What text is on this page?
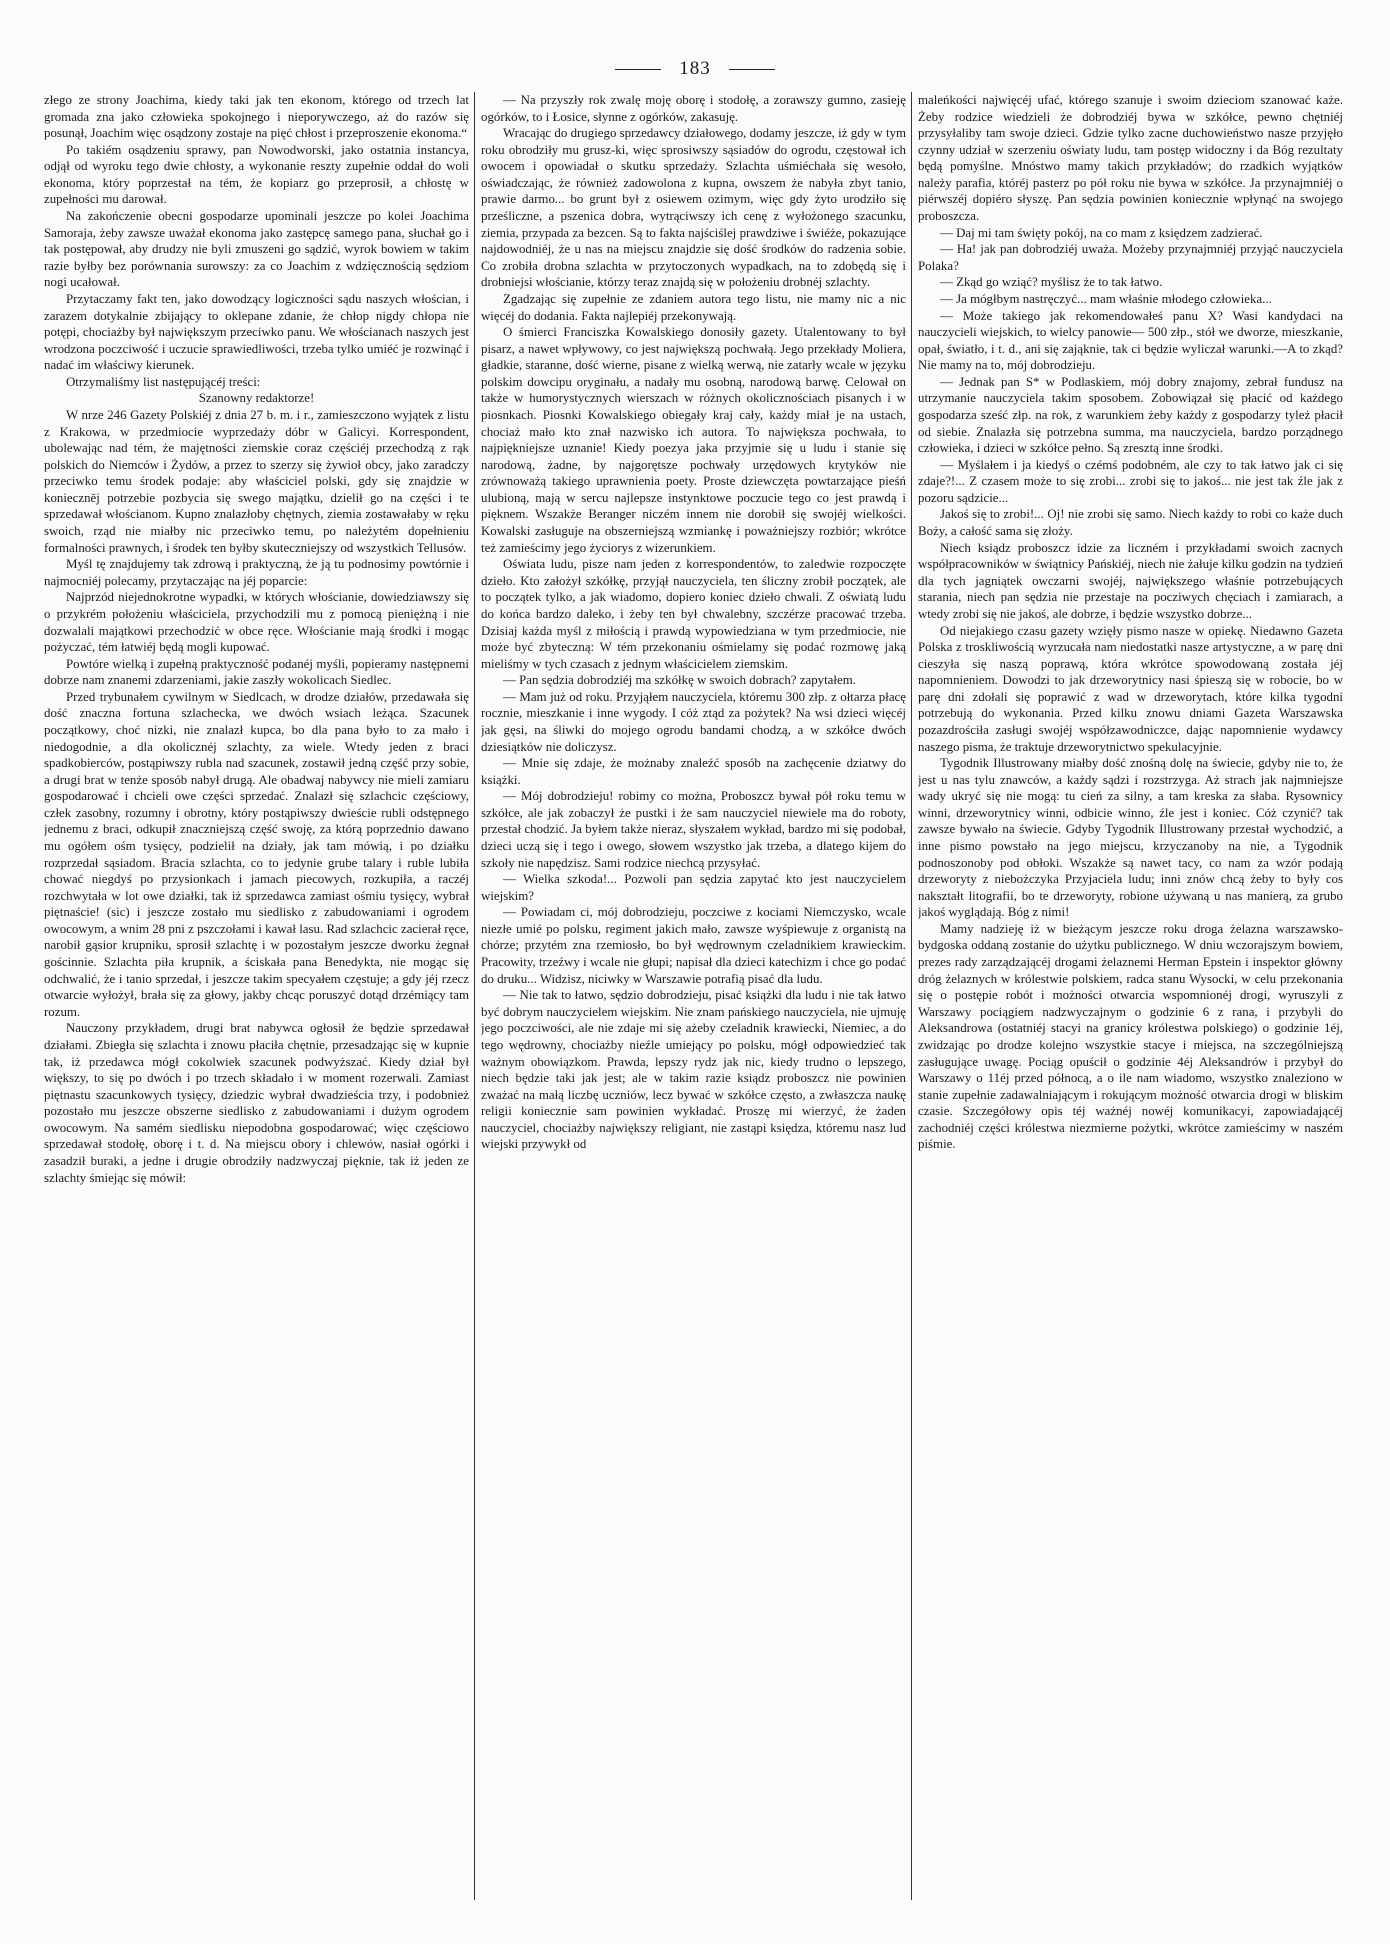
183

złego ze strony Joachima, kiedy taki jak ten ekonom, którego od trzech lat gromada zna jako człowieka spokojnego i nieporywczego, aż do razów się posunął, Joachim więc osądzony zostaje na pięć chłost i przeproszenie ekonoma.“

Po takiém osądzeniu sprawy, pan Nowodworski, jako ostatnia instancya, odjął od wyroku tego dwie chłosty, a wykonanie reszty zupełnie oddał do woli ekonoma, który poprzestał na tém, że kopiarz go przeprosił, a chłostę w zupełności mu darował.

Na zakończenie obecni gospodarze upominali jeszcze po kolei Joachima Samoraja, żeby zawsze uważał ekonoma jako zastępcę samego pana, słuchał go i tak postępował, aby drudzy nie byli zmuszeni go sądzić, wyrok bowiem w takim razie byłby bez porównania surowszy: za co Joachim z wdzięcznością sędziom nogi ucałował.

Przytaczamy fakt ten, jako dowodzący logiczności sądu naszych włościan, i zarazem dotykalnie zbijający to oklepane zdanie, że chłop nigdy chłopa nie potępi, chociażby był największym przeciwko panu. We włościanach naszych jest wrodzona poczciwość i uczucie sprawiedliwości, trzeba tylko umiéć je rozwinąć i nadać im właściwy kierunek.

Otrzymaliśmy list następującéj treści:

Szanowny redaktorze!

W nrze 246 Gazety Polskiéj z dnia 27 b. m. i r., zamieszczono wyjątek z listu z Krakowa, w przedmiocie wyprzedaży dóbr w Galicyi. Korrespondent, ubolewając nad tém, że majętności ziemskie coraz częściéj przechodzą z rąk polskich do Niemców i Żydów, a przez to szerzy się żywioł obcy, jako zaradczy przeciwko temu środek podaje: aby właściciel polski, gdy się znajdzie w konieczněj potrzebie pozbycia się swego majątku, dzielił go na części i te sprzedawał włościanom. Kupno znalazłoby chętnych, ziemia zostawałaby w ręku swoich, rząd nie miałby nic przeciwko temu, po należytém dopełnieniu formalności prawnych, i środek ten byłby skuteczniejszy od wszystkich Tellusów.

Myśl tę znajdujemy tak zdrową i praktyczną, że ją tu podnosimy powtórnie i najmocniéj polecamy, przytaczając na jéj poparcie:

Najprzód niejednokrotne wypadki, w których włościanie, dowiedziawszy się o przykrém położeniu właściciela, przychodzili mu z pomocą pieniężną i nie dozwalali majątkowi przechodzić w obce ręce. Włościanie mają środki i mogąc pożyczać, tém łatwiéj będą mogli kupować.

Powtóre wielką i zupełną praktyczność podanéj myśli, popieramy następnemi dobrze nam znanemi zdarzeniami, jakie zaszły wokolicach Siedlec.

Przed trybunałem cywilnym w Siedlcach, w drodze działów, przedawała się dość znaczna fortuna szlachecka, we dwóch wsiach leżąca. Szacunek początkowy, choć nizki, nie znalazł kupca, bo dla pana było to za mało i niedogodnie, a dla okolicznéj szlachty, za wiele. Wtedy jeden z braci spadkobierców, postąpiwszy rubla nad szacunek, zostawił jedną część przy sobie, a drugi brat w tenże sposób nabył drugą. Ale obadwaj nabywcy nie mieli zamiaru gospodarować i chcieli owe części sprzedać. Znalazł się szlachcic częściowy, człek zasobny, rozumny i obrotny, który postąpiwszy dwieście rubli odstępnego jednemu z braci, odkupił znaczniejszą część swoję, za którą poprzednio dawano mu ogółem ośm tysięcy, podzielił na działy, jak tam mówią, i po działku rozprzedał sąsiadom. Bracia szlachta, co to jedynie grube talary i ruble lubiła chować niegdyś po przysionkach i jamach piecowych, rozkupiła, a raczéj rozchwytała w lot owe działki, tak iż sprzedawca zamiast ośmiu tysięcy, wybrał piętnaście! (sic) i jeszcze zostało mu siedlisko z zabudowaniami i ogrodem owocowym, a wnim 28 pni z pszczołami i kawał lasu. Rad szlachcic zacierał ręce, narobił gąsior krupniku, sprosił szlachtę i w pozostałym jeszcze dworku żegnał gościnnie. Szlachta piła krupnik, a ściskała pana Benedykta, nie mogąc się odchwalić, że i tanio sprzedał, i jeszcze takim specyałem częstuje; a gdy jéj rzecz otwarcie wyłożył, brała się za głowy, jakby chcąc poruszyć dotąd drzémiący tam rozum.

Nauczony przykładem, drugi brat nabywca ogłosił że będzie sprzedawał działami. Zbiegła się szlachta i znowu płaciła chętnie, przesadzając się w kupnie tak, iż przedawca mógł cokolwiek szacunek podwyższać. Kiedy dział był większy, to się po dwóch i po trzech składało i w moment rozerwali. Zamiast piętnastu szacunkowych tysięcy, dziedzic wybrał dwadzieścia trzy, i podobnież pozostało mu jeszcze obszerne siedlisko z zabudowaniami i dużym ogrodem owocowym. Na samém siedlisku niepodobna gospodarować; więc częściowo sprzedawał stodołę, oborę i t. d. Na miejscu obory i chlewów, nasiał ogórki i zasadził buraki, a jedne i drugie obrodziły nadzwyczaj pięknie, tak iż jeden ze szlachty śmiejąc się mówił:

— Na przyszły rok zwalę moję oborę i stodołę, a zorawszy gumno, zasieję ogórków, to i Łosice, słynne z ogórków, zakasuję.

Wracając do drugiego sprzedawcy działowego, dodamy jeszcze, iż gdy w tym roku obrodziły mu grusz-ki, więc sprosiwszy sąsiadów do ogrodu, częstował ich owocem i opowiadał o skutku sprzedaży. Szlachta uśmiéchała się wesoło, oświadczając, że również zadowolona z kupna, owszem że nabyła zbyt tanio, prawie darmo... bo grunt był z osiewem ozimym, więc gdy żyto urodziło się prześliczne, a pszenica dobra, wytrąciwszy ich cenę z wyłożonego szacunku, ziemia, przypada za bezcen. Są to fakta najściślej prawdziwe i świéże, pokazujące najdowodniéj, że u nas na miejscu znajdzie się dość środków do radzenia sobie. Co zrobiła drobna szlachta w przytoczonych wypadkach, na to zdobędą się i drobniejsi włościanie, którzy teraz znajdą się w położeniu drobnéj szlachty.

Zgadzając się zupełnie ze zdaniem autora tego listu, nie mamy nic a nic więcéj do dodania. Fakta najlepiéj przekonywają.

O śmierci Franciszka Kowalskiego donosiły gazety. Utalentowany to był pisarz, a nawet wpływowy, co jest największą pochwałą. Jego przekłady Moliera, gładkie, staranne, dość wierne, pisane z wielką werwą, nie zatarły wcale w języku polskim dowcipu oryginału, a nadały mu osobną, narodową barwę. Celował on także w humorystycznych wierszach w różnych okolicznościach pisanych i w piosnkach. Piosnki Kowalskiego obiegały kraj cały, każdy miał je na ustach, chociaż mało kto znał nazwisko ich autora. To największa pochwała, to najpiękniejsze uznanie! Kiedy poezya jaka przyjmie się u ludu i stanie się narodową, żadne, by najgorętsze pochwały urzędowych krytyków nie zrównoważą takiego uprawnienia poety. Proste dziewczęta powtarzające pieśń ulubioną, mają w sercu najlepsze instynktowe poczucie tego co jest prawdą i pięknem. Wszakże Beranger niczém innem nie dorobił się swojéj wielkości. Kowalski zasługuje na obszerniejszą wzmiankę i poważniejszy rozbiór; wkrótce też zamieścimy jego życiorys z wizerunkiem.

Oświata ludu, pisze nam jeden z korrespondentów, to zaledwie rozpoczęte dzieło. Kto założył szkółkę, przyjął nauczyciela, ten śliczny zrobił początek, ale to początek tylko, a jak wiadomo, dopiero koniec dzieło chwali. Z oświatą ludu do końca bardzo daleko, i żeby ten był chwalebny, szczérze pracować trzeba. Dzisiaj każda myśl z miłością i prawdą wypowiedziana w tym przedmiocie, nie może być zbyteczną: W tém przekonaniu ośmielamy się podać rozmowę jaką mieliśmy w tych czasach z jednym właścicielem ziemskim.

— Pan sędzia dobrodziéj ma szkółkę w swoich dobrach? zapytałem.

— Mam już od roku. Przyjąłem nauczyciela, któremu 300 złp. z ołtarza płacę rocznie, mieszkanie i inne wygody. I cóż ztąd za pożytek? Na wsi dzieci więcéj jak gęsi, na śliwki do mojego ogrodu bandami chodzą, a w szkółce dwóch dziesiątków nie doliczysz.

— Mnie się zdaje, że możnaby znaleźć sposób na zachęcenie dziatwy do książki.

— Mój dobrodzieju! robimy co można, Proboszcz bywał pół roku temu w szkółce, ale jak zobaczył że pustki i że sam nauczyciel niewiele ma do roboty, przestał chodzić. Ja byłem także nieraz, słyszałem wykład, bardzo mi się podobał, dzieci uczą się i tego i owego, słowem wszystko jak trzeba, a dlatego kijem do szkoły nie napędzisz. Sami rodzice niechcą przysyłać.

— Wielka szkoda!... Pozwoli pan sędzia zapytać kto jest nauczycielem wiejskim?

— Powiadam ci, mój dobrodzieju, poczciwe z kociami Niemczysko, wcale niezłe umié po polsku, regiment jakich mało, zawsze wyśpiewuje z organistą na chórze; przytém zna rzemiosło, bo był wędrownym czeladnikiem krawieckim. Pracowity, trzeźwy i wcale nie głupi; napisał dla dzieci katechizm i chce go podać do druku... Widzisz, niciwky w Warszawie potrafią pisać dla ludu.

— Nie tak to łatwo, sędzio dobrodzieju, pisać książki dla ludu i nie tak łatwo być dobrym nauczycielem wiejskim. Nie znam pańskiego nauczyciela, nie ujmuję jego poczciwości, ale nie zdaje mi się ażeby czeladnik krawiecki, Niemiec, a do tego wędrowny, chociażby nieźle umiejący po polsku, mógł odpowiedzieć tak ważnym obowiązkom. Prawda, lepszy rydz jak nic, kiedy trudno o lepszego, niech będzie taki jak jest; ale w takim razie ksiądz proboszcz nie powinien zważać na małą liczbę uczniów, lecz bywać w szkółce często, a zwłaszcza naukę religii koniecznie sam powinien wykładać. Proszę mi wierzyć, że żaden nauczyciel, chociażby największy religiant, nie zastąpi księdza, któremu nasz lud wiejski przywykł od

maleńkości najwięcéj ufać, którego szanuje i swoim dzieciom szanować każe. Żeby rodzice wiedzieli że dobrodziéj bywa w szkółce, pewno chętniéj przysyłaliby tam swoje dzieci. Gdzie tylko zacne duchowieństwo nasze przyjęło czynny udział w szerzeniu oświaty ludu, tam postęp widoczny i da Bóg rezultaty będą pomyślne. Mnóstwo mamy takich przykładów; do rzadkich wyjątków należy parafia, któréj pasterz po pół roku nie bywa w szkółce. Ja przynajmniéj o piérwszéj dopiéro słyszę. Pan sędzia powinien koniecznie wpłynąć na swojego proboszcza.

— Daj mi tam święty pokój, na co mam z księdzem zadzierać.

— Ha! jak pan dobrodziéj uważa. Możeby przynajmniéj przyjąć nauczyciela Polaka?

— Zkąd go wziąć? myślisz że to tak łatwo.

— Ja mógłbym nastręczyć... mam właśnie młodego człowieka...

— Może takiego jak rekomendowałeś panu X? Wasi kandydaci na nauczycieli wiejskich, to wielcy panowie— 500 złp., stół we dworze, mieszkanie, opał, światło, i t. d., ani się zająknie, tak ci będzie wyliczał warunki.—A to zkąd? Nie mamy na to, mój dobrodzieju.

— Jednak pan S* w Podlaskiem, mój dobry znajomy, zebrał fundusz na utrzymanie nauczyciela takim sposobem. Zobowiązał się płacić od każdego gospodarza sześć złp. na rok, z warunkiem żeby każdy z gospodarzy tyleż płacił od siebie. Znalazła się potrzebna summa, ma nauczyciela, bardzo porządnego człowieka, i dzieci w szkółce pełno. Są zresztą inne środki.

— Myślałem i ja kiedyś o czémś podobném, ale czy to tak łatwo jak ci się zdaje?!... Z czasem może to się zrobi... zrobi się to jakoś... nie jest tak źle jak z pozoru sądzicie...

Jakoś się to zrobi!... Oj! nie zrobi się samo. Niech każdy to robi co każe duch Boży, a całość sama się złoży.

Niech ksiądz proboszcz idzie za liczném i przykładami swoich zacnych współpracowników w świątnicy Pańskiéj, niech nie żałuje kilku godzin na tydzień dla tych jagniątek owczarni swojéj, największego właśnie potrzebujących starania, niech pan sędzia nie przestaje na pocziwych chęciach i zamiarach, a wtedy zrobi się nie jakoś, ale dobrze, i będzie wszystko dobrze...

Od niejakiego czasu gazety wzięły pismo nasze w opiekę. Niedawno Gazeta Polska z troskliwością wyrzucała nam niedostatki nasze artystyczne, a w parę dni cieszyła się naszą poprawą, która wkrótce spowodowaną została jéj napomnieniem. Dowodzi to jak drzeworytnicy nasi śpieszą się w robocie, bo w parę dni zdołali się poprawić z wad w drzeworytach, które kilka tygodni potrzebują do wykonania. Przed kilku znowu dniami Gazeta Warszawska pozazdrościła zasługi swojéj współzawodniczce, dając napomnienie wydawcy naszego pisma, że traktuje drzeworytnictwo spekulacyjnie.

Tygodnik Illustrowany miałby dość znośną dolę na świecie, gdyby nie to, że jest u nas tylu znawców, a każdy sądzi i rozstrzyga. Aż strach jak najmniejsze wady ukryć się nie mogą: tu cień za silny, a tam kreska za słaba. Rysownicy winni, drzeworytnicy winni, odbicie winno, źle jest i koniec. Cóż czynić? tak zawsze bywało na świecie. Gdyby Tygodnik Illustrowany przestał wychodzić, a inne pismo powstało na jego miejscu, krzyczanoby na nie, a Tygodnik podnoszonoby pod obłoki. Wszakże są nawet tacy, co nam za wzór podają drzeworyty z niebożczyka Przyjaciela ludu; inni znów chcą żeby to były cos nakształt litografii, bo te drzeworyty, robione używaną u nas manierą, za grubo jakoś wyglądają. Bóg z nimi!

Mamy nadzieję iż w bieżącym jeszcze roku droga żelazna warszawsko-bydgoska oddaną zostanie do użytku publicznego. W dniu wczorajszym bowiem, prezes rady zarządzającéj drogami żelaznemi Herman Epstein i inspektor główny dróg żelaznych w królestwie polskiem, radca stanu Wysocki, w celu przekonania się o postępie robót i możności otwarcia wspomnionéj drogi, wyruszyli z Warszawy pociągiem nadzwyczajnym o godzinie 6 z rana, i przybyli do Aleksandrowa (ostatniéj stacyi na granicy królestwa polskiego) o godzinie 1éj, zwidzając po drodze kolejno wszystkie stacye i miejsca, na szczególniejszą zasługujące uwagę. Pociąg opuścił o godzinie 4éj Aleksandrów i przybył do Warszawy o 11éj przed północą, a o ile nam wiadomo, wszystko znaleziono w stanie zupełnie zadawalniającym i rokującym możność otwarcia drogi w bliskim czasie. Szczegółowy opis téj ważnéj nowéj komunikacyi, zapowiadającéj zachodniéj części królestwa niezmierne pożytki, wkrótce zamieścimy w naszém piśmie.
